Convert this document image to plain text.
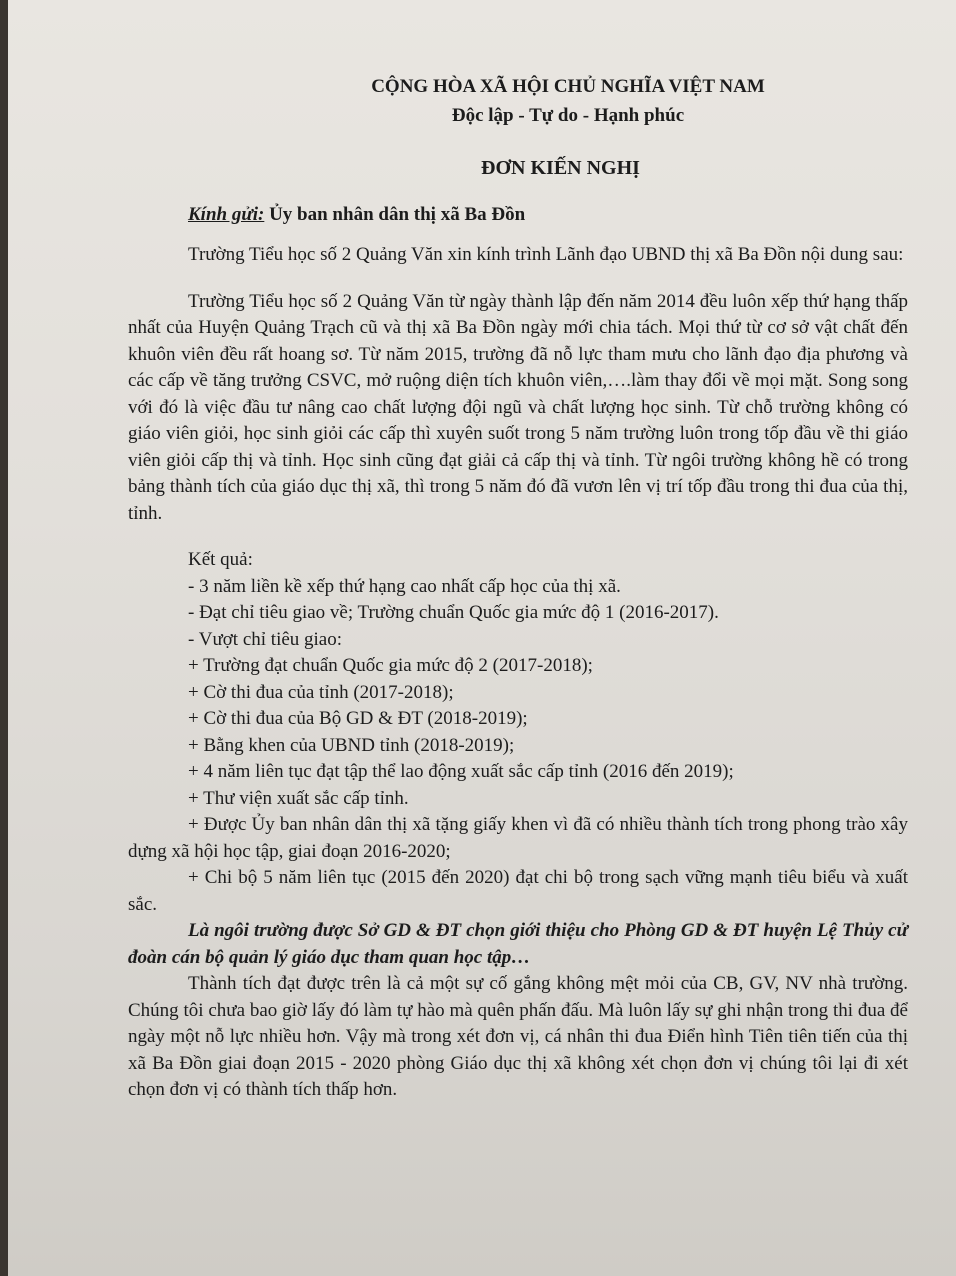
CỘNG HÒA XÃ HỘI CHỦ NGHĨA VIỆT NAM
Độc lập - Tự do - Hạnh phúc
ĐƠN KIẾN NGHỊ
Kính gửi: Ủy ban nhân dân thị xã Ba Đồn

Trường Tiểu học số 2 Quảng Văn xin kính trình Lãnh đạo UBND thị xã Ba Đồn nội dung sau:

Trường Tiểu học số 2 Quảng Văn từ ngày thành lập đến năm 2014 đều luôn xếp thứ hạng thấp nhất của Huyện Quảng Trạch cũ và thị xã Ba Đồn ngày mới chia tách. Mọi thứ từ cơ sở vật chất đến khuôn viên đều rất hoang sơ. Từ năm 2015, trường đã nỗ lực tham mưu cho lãnh đạo địa phương và các cấp về tăng trưởng CSVC, mở ruộng diện tích khuôn viên,….làm thay đổi về mọi mặt. Song song với đó là việc đầu tư nâng cao chất lượng đội ngũ và chất lượng học sinh. Từ chỗ trường không có giáo viên giỏi, học sinh giỏi các cấp thì xuyên suốt trong 5 năm trường luôn trong tốp đầu về thi giáo viên giỏi cấp thị và tỉnh. Học sinh cũng đạt giải cả cấp thị và tỉnh. Từ ngôi trường không hề có trong bảng thành tích của giáo dục thị xã, thì trong 5 năm đó đã vươn lên vị trí tốp đầu trong thi đua của thị, tỉnh.

Kết quả:
- 3 năm liền kề xếp thứ hạng cao nhất cấp học của thị xã.
- Đạt chỉ tiêu giao về; Trường chuẩn Quốc gia mức độ 1 (2016-2017).
- Vượt chỉ tiêu giao:
+ Trường đạt chuẩn Quốc gia mức độ 2 (2017-2018);
+ Cờ thi đua của tỉnh (2017-2018);
+ Cờ thi đua của Bộ GD & ĐT (2018-2019);
+ Bằng khen của UBND tỉnh (2018-2019);
+ 4 năm liên tục đạt tập thể lao động xuất sắc cấp tỉnh (2016 đến 2019);
+ Thư viện xuất sắc cấp tỉnh.

+ Được Ủy ban nhân dân thị xã tặng giấy khen vì đã có nhiều thành tích trong phong trào xây dựng xã hội học tập, giai đoạn 2016-2020;

+ Chi bộ 5 năm liên tục (2015 đến 2020) đạt chi bộ trong sạch vững mạnh tiêu biểu và xuất sắc.

Là ngôi trường được Sở GD & ĐT chọn giới thiệu cho Phòng GD & ĐT huyện Lệ Thủy cử đoàn cán bộ quản lý giáo dục tham quan học tập…

Thành tích đạt được trên là cả một sự cố gắng không mệt mỏi của CB, GV, NV nhà trường. Chúng tôi chưa bao giờ lấy đó làm tự hào mà quên phấn đấu. Mà luôn lấy sự ghi nhận trong thi đua để ngày một nỗ lực nhiều hơn. Vậy mà trong xét đơn vị, cá nhân thi đua Điển hình Tiên tiên tiến của thị xã Ba Đồn giai đoạn 2015 - 2020 phòng Giáo dục thị xã không xét chọn đơn vị chúng tôi lại đi xét chọn đơn vị có thành tích thấp hơn.
